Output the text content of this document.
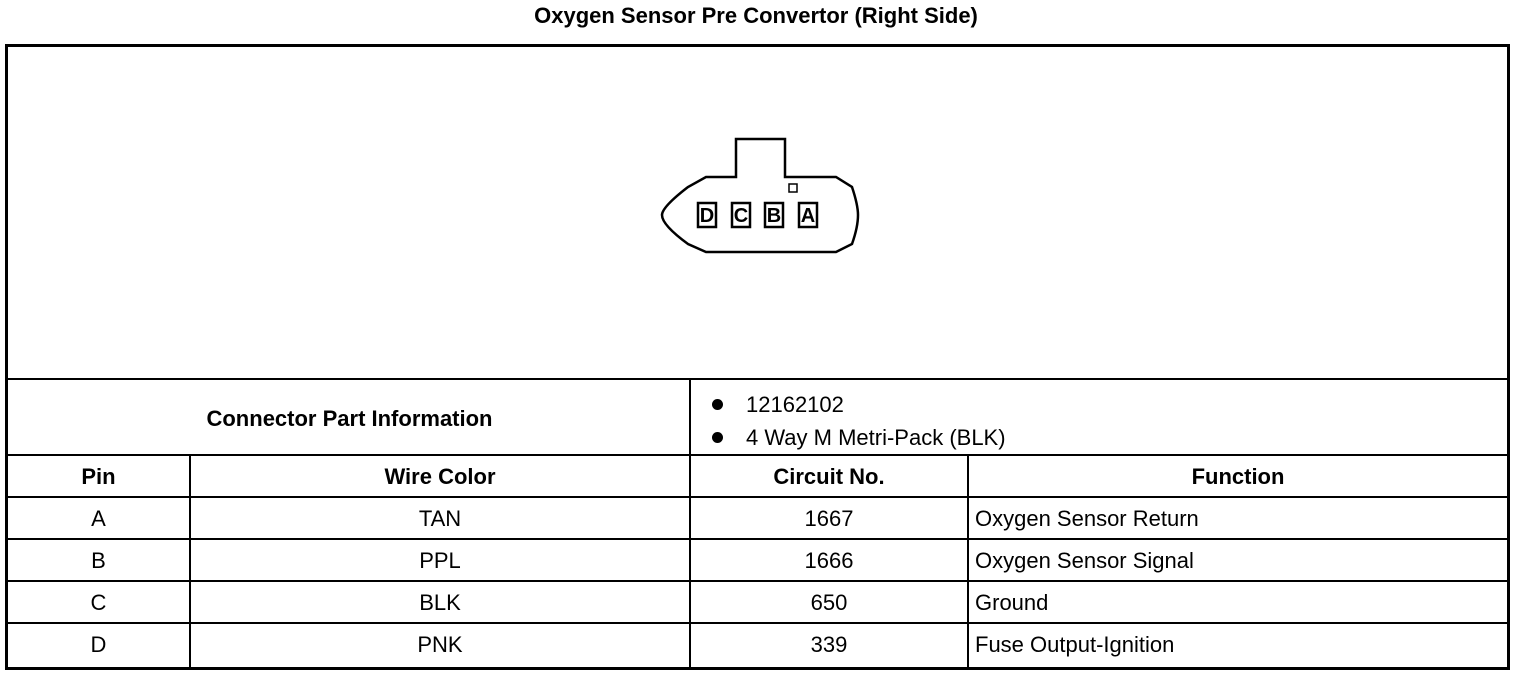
Oxygen Sensor Pre Convertor (Right Side)
D C B A
Connector Part Information
12162102
4 Way M Metri-Pack (BLK)
Pin	Wire Color	Circuit No.	Function
A	TAN	1667	Oxygen Sensor Return
B	PPL	1666	Oxygen Sensor Signal
C	BLK	650	Ground
D	PNK	339	Fuse Output-Ignition
